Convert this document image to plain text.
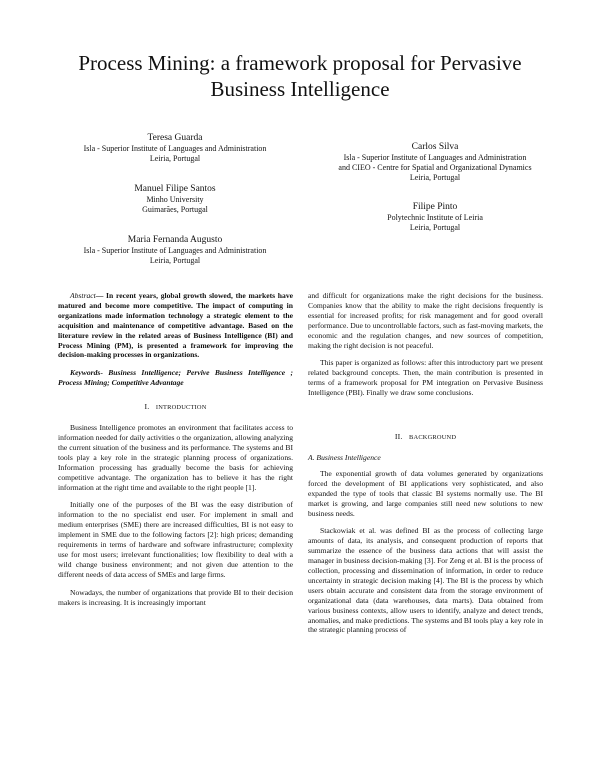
Process Mining: a framework proposal for Pervasive Business Intelligence
Teresa Guarda
Isla - Superior Institute of Languages and Administration
Leiria, Portugal
Manuel Filipe Santos
Minho University
Guimarães, Portugal
Maria Fernanda Augusto
Isla - Superior Institute of Languages and Administration
Leiria, Portugal
Carlos Silva
Isla - Superior Institute of Languages and Administration
and CIEO - Centre for Spatial and Organizational Dynamics
Leiria, Portugal
Filipe Pinto
Polytechnic Institute of Leiria
Leiria, Portugal

Abstract— In recent years, global growth slowed, the markets have matured and become more competitive. The impact of computing in organizations made information technology a strategic element to the acquisition and maintenance of competitive advantage. Based on the literature review in the related areas of Business Intelligence (BI) and Process Mining (PM), is presented a framework for improving the decision-making processes in organizations.

Keywords- Business Intelligence; Pervive Business Intelligence ; Process Mining; Competitive Advantage

I. INTRODUCTION

Business Intelligence promotes an environment that facilitates access to information needed for daily activities o the organization, allowing analyzing the current situation of the business and its performance. The systems and BI tools play a key role in the strategic planning process of organizations. Information processing has gradually become the basis for achieving competitive advantage. The organization has to believe it has the right information at the right time and available to the right people [1].

Initially one of the purposes of the BI was the easy distribution of information to the no specialist end user. For implement in small and medium enterprises (SME) there are increased difficulties, BI is not easy to implement in SME due to the following factors [2]: high prices; demanding requirements in terms of hardware and software infrastructure; complexity use for most users; irrelevant functionalities; low flexibility to deal with a wild change business environment; and not given due attention to the different needs of data access of SMEs and large firms.

Nowadays, the number of organizations that provide BI to their decision makers is increasing. It is increasingly important

and difficult for organizations make the right decisions for the business. Companies know that the ability to make the right decisions frequently is essential for increased profits; for risk management and for good overall performance. Due to uncontrollable factors, such as fast-moving markets, the economic and the regulation changes, and new sources of competition, making the right decision is not peaceful.

This paper is organized as follows: after this introductory part we present related background concepts. Then, the main contribution is presented in terms of a framework proposal for PM integration on Pervasive Business Intelligence (PBI). Finally we draw some conclusions.

II. BACKGROUND
A. Business Intelligence

The exponential growth of data volumes generated by organizations forced the development of BI applications very sophisticated, and also expanded the type of tools that classic BI systems normally use. The BI market is growing, and large companies still need new solutions to new business needs.

Stackowiak et al. was defined BI as the process of collecting large amounts of data, its analysis, and consequent production of reports that summarize the essence of the business data actions that will assist the manager in business decision-making [3]. For Zeng et al. BI is the process of collection, processing and dissemination of information, in order to reduce uncertainty in strategic decision making [4]. The BI is the process by which users obtain accurate and consistent data from the storage environment of organizational data (data warehouses, data marts). Data obtained from various business contexts, allow users to identify, analyze and detect trends, anomalies, and make predictions. The systems and BI tools play a key role in the strategic planning process of
